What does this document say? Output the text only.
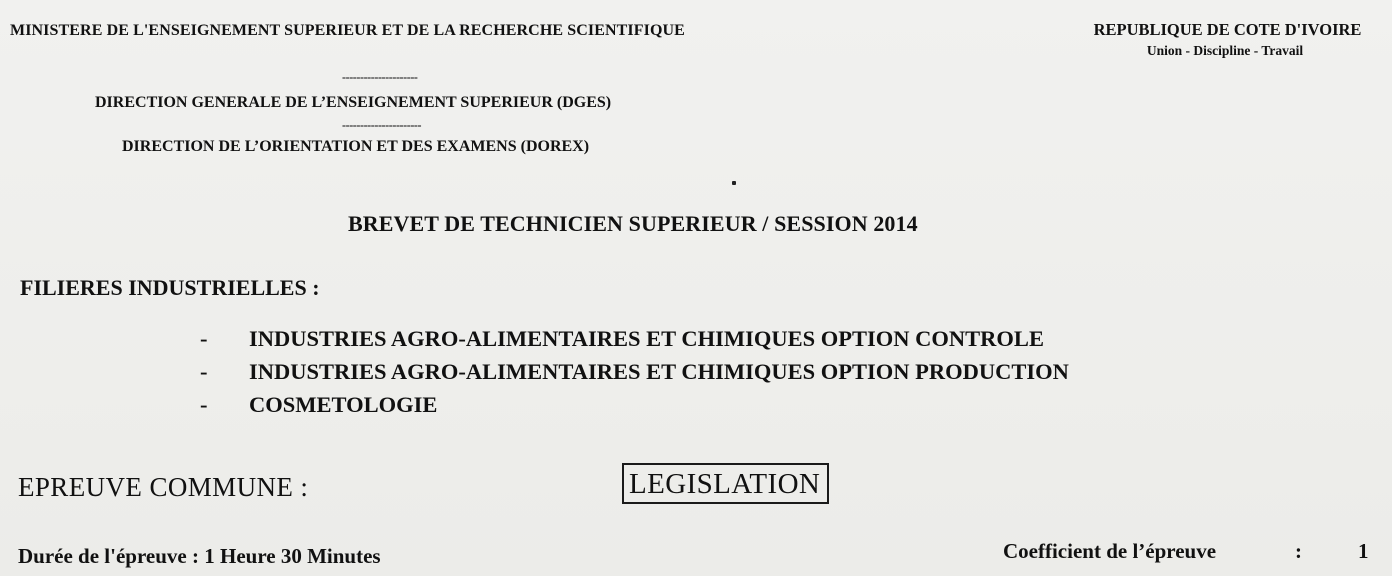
MINISTERE DE L'ENSEIGNEMENT SUPERIEUR ET DE LA RECHERCHE SCIENTIFIQUE	REPUBLIQUE DE COTE D'IVOIRE
Union - Discipline - Travail
---------------------
DIRECTION GENERALE DE L’ENSEIGNEMENT SUPERIEUR (DGES)
----------------------
DIRECTION DE L’ORIENTATION ET DES EXAMENS (DOREX)
BREVET DE TECHNICIEN SUPERIEUR / SESSION 2014
FILIERES INDUSTRIELLES :
-	INDUSTRIES AGRO-ALIMENTAIRES ET CHIMIQUES OPTION CONTROLE
-	INDUSTRIES AGRO-ALIMENTAIRES ET CHIMIQUES OPTION PRODUCTION
-	COSMETOLOGIE
EPREUVE COMMUNE :	LEGISLATION
Durée de l'épreuve : 1 Heure 30 Minutes	Coefficient de l’épreuve	:	1
